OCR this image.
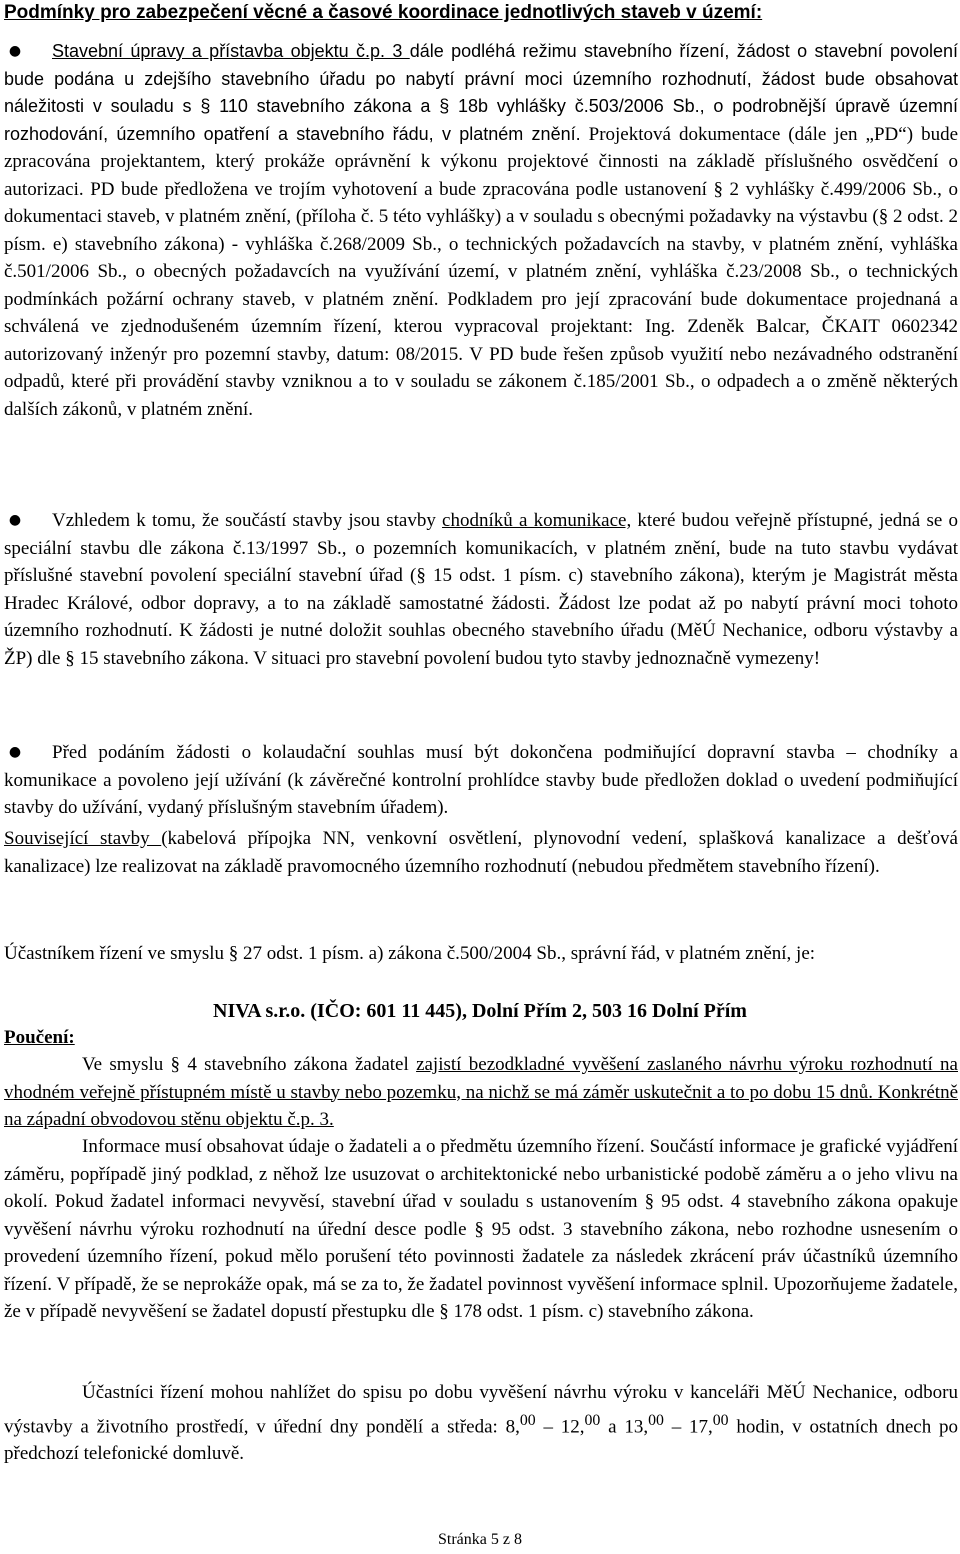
Podmínky pro zabezpečení věcné a časové koordinace jednotlivých staveb v území:
●	Stavební úpravy a přístavba objektu č.p. 3 dále podléhá režimu stavebního řízení, žádost o stavební povolení bude podána u zdejšího stavebního úřadu po nabytí právní moci územního rozhodnutí, žádost bude obsahovat náležitosti v souladu s § 110 stavebního zákona a § 18b vyhlášky č.503/2006 Sb., o podrobnější úpravě územní rozhodování, územního opatření a stavebního řádu, v platném znění. Projektová dokumentace (dále jen „PD“) bude zpracována projektantem, který prokáže oprávnění k výkonu projektové činnosti na základě příslušného osvědčení o autorizaci. PD bude předložena ve trojím vyhotovení a bude zpracována podle ustanovení § 2 vyhlášky č.499/2006 Sb., o dokumentaci staveb, v platném znění, (příloha č. 5 této vyhlášky) a v souladu s obecnými požadavky na výstavbu (§ 2 odst. 2 písm. e) stavebního zákona) - vyhláška č.268/2009 Sb., o technických požadavcích na stavby, v platném znění, vyhláška č.501/2006 Sb., o obecných požadavcích na využívání území, v platném znění, vyhláška č.23/2008 Sb., o technických podmínkách požární ochrany staveb, v platném znění. Podkladem pro její zpracování bude dokumentace projednaná a schválená ve zjednodušeném územním řízení, kterou vypracoval projektant: Ing. Zdeněk Balcar, ČKAIT 0602342 autorizovaný inženýr pro pozemní stavby, datum: 08/2015. V PD bude řešen způsob využití nebo nezávadného odstranění odpadů, které při provádění stavby vzniknou a to v souladu se zákonem č.185/2001 Sb., o odpadech a o změně některých dalších zákonů, v platném znění.
●	Vzhledem k tomu, že součástí stavby jsou stavby chodníků a komunikace, které budou veřejně přístupné, jedná se o speciální stavbu dle zákona č.13/1997 Sb., o pozemních komunikacích, v platném znění, bude na tuto stavbu vydávat příslušné stavební povolení speciální stavební úřad (§ 15 odst. 1 písm. c) stavebního zákona), kterým je Magistrát města Hradec Králové, odbor dopravy, a to na základě samostatné žádosti. Žádost lze podat až po nabytí právní moci tohoto územního rozhodnutí. K žádosti je nutné doložit souhlas obecného stavebního úřadu (MěÚ Nechanice, odboru výstavby a ŽP) dle § 15 stavebního zákona. V situaci pro stavební povolení budou tyto stavby jednoznačně vymezeny!
●	Před podáním žádosti o kolaudační souhlas musí být dokončena podmiňující dopravní stavba – chodníky a komunikace a povoleno její užívání (k závěrečné kontrolní prohlídce stavby bude předložen doklad o uvedení podmiňující stavby do užívání, vydaný příslušným stavebním úřadem).
Související stavby (kabelová přípojka NN, venkovní osvětlení, plynovodní vedení, splašková kanalizace a dešťová kanalizace) lze realizovat na základě pravomocného územního rozhodnutí (nebudou předmětem stavebního řízení).
Účastníkem řízení ve smyslu § 27 odst. 1 písm. a) zákona č.500/2004 Sb., správní řád, v platném znění, je:
NIVA s.r.o. (IČO: 601 11 445), Dolní Přím 2, 503 16 Dolní Přím
Poučení:
Ve smyslu § 4 stavebního zákona žadatel zajistí bezodkladné vyvěšení zaslaného návrhu výroku rozhodnutí na vhodném veřejně přístupném místě u stavby nebo pozemku, na nichž se má záměr uskutečnit a to po dobu 15 dnů. Konkrétně na západní obvodovou stěnu objektu č.p. 3.
Informace musí obsahovat údaje o žadateli a o předmětu územního řízení. Součástí informace je grafické vyjádření záměru, popřípadě jiný podklad, z něhož lze usuzovat o architektonické nebo urbanistické podobě záměru a o jeho vlivu na okolí. Pokud žadatel informaci nevyvěsí, stavební úřad v souladu s ustanovením § 95 odst. 4 stavebního zákona opakuje vyvěšení návrhu výroku rozhodnutí na úřední desce podle § 95 odst. 3 stavebního zákona, nebo rozhodne usnesením o provedení územního řízení, pokud mělo porušení této povinnosti žadatele za následek zkrácení práv účastníků územního řízení. V případě, že se neprokáže opak, má se za to, že žadatel povinnost vyvěšení informace splnil. Upozorňujeme žadatele, že v případě nevyvěšení se žadatel dopustí přestupku dle § 178 odst. 1 písm. c) stavebního zákona.
Účastníci řízení mohou nahlížet do spisu po dobu vyvěšení návrhu výroku v kanceláři MěÚ Nechanice, odboru výstavby a životního prostředí, v úřední dny pondělí a středa: 8,00 – 12,00 a 13,00 – 17,00 hodin, v ostatních dnech po předchozí telefonické domluvě.
Stránka 5 z 8
